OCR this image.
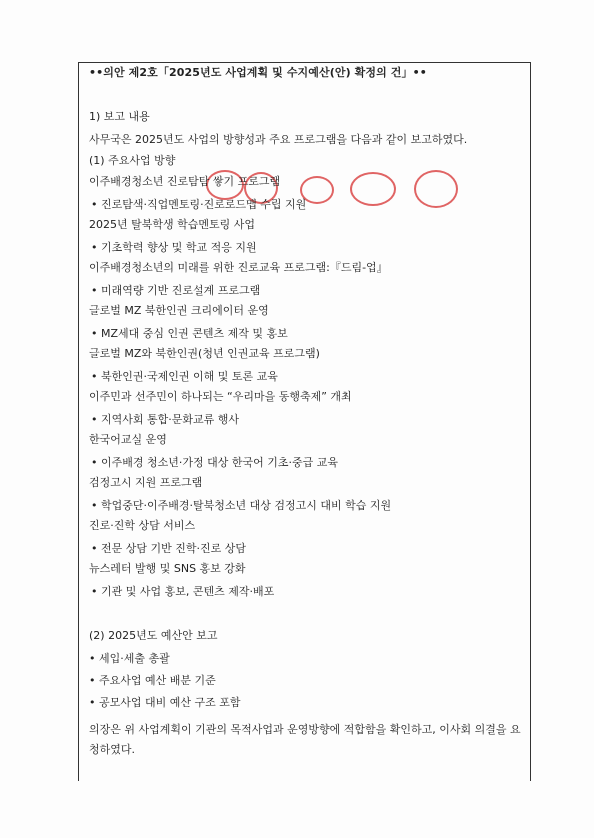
••의안 제2호「2025년도 사업계획 및 수지예산(안) 확정의 건」••
1) 보고 내용
사무국은 2025년도 사업의 방향성과 주요 프로그램을 다음과 같이 보고하였다.
(1) 주요사업 방향
이주배경청소년 진로탐탐 쌓기 프로그램
• 진로탐색·직업멘토링·진로로드맵 수립 지원
2025년 탈북학생 학습멘토링 사업
• 기초학력 향상 및 학교 적응 지원
이주배경청소년의 미래를 위한 진로교육 프로그램:『드림-업』
• 미래역량 기반 진로설계 프로그램
글로벌 MZ 북한인권 크리에이터 운영
• MZ세대 중심 인권 콘텐츠 제작 및 홍보
글로벌 MZ와 북한인권(청년 인권교육 프로그램)
• 북한인권·국제인권 이해 및 토론 교육
이주민과 선주민이 하나되는 “우리마을 동행축제” 개최
• 지역사회 통합·문화교류 행사
한국어교실 운영
• 이주배경 청소년·가정 대상 한국어 기초·중급 교육
검정고시 지원 프로그램
• 학업중단·이주배경·탈북청소년 대상 검정고시 대비 학습 지원
진로·진학 상담 서비스
• 전문 상담 기반 진학·진로 상담
뉴스레터 발행 및 SNS 홍보 강화
• 기관 및 사업 홍보, 콘텐츠 제작·배포
(2) 2025년도 예산안 보고
• 세입·세출 총괄
• 주요사업 예산 배분 기준
• 공모사업 대비 예산 구조 포함
의장은 위 사업계획이 기관의 목적사업과 운영방향에 적합함을 확인하고, 이사회 의결을 요청하였다.
